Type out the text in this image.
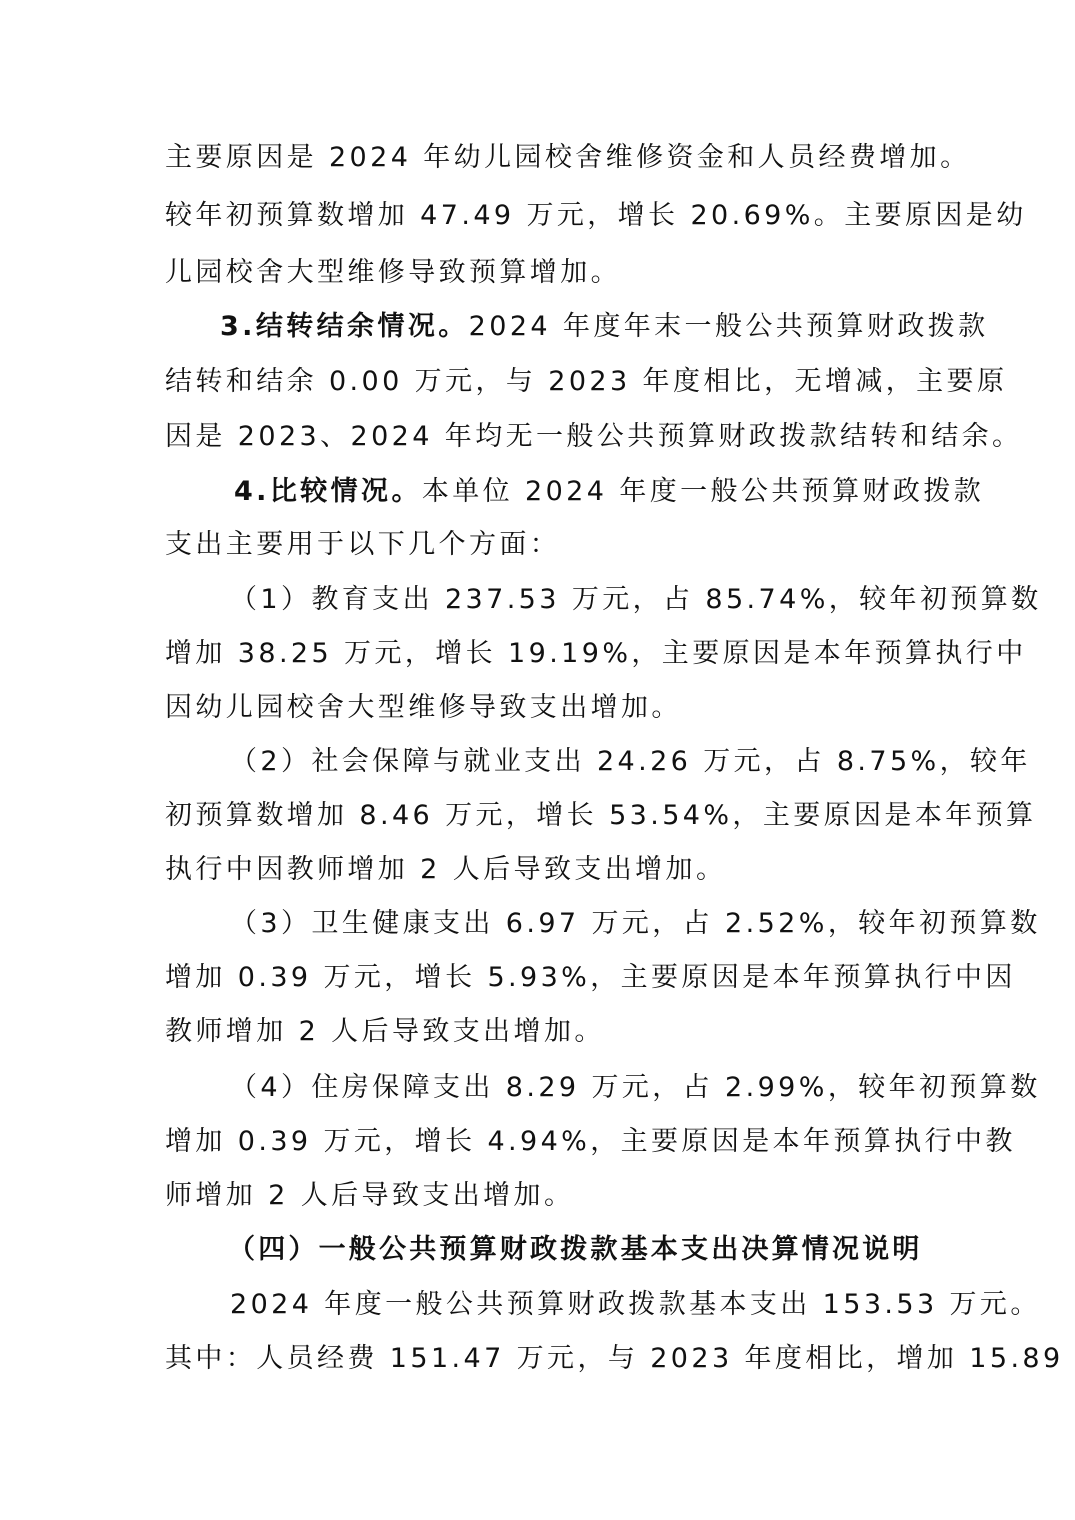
主要原因是 2024 年幼儿园校舍维修资金和人员经费增加。
较年初预算数增加 47.49 万元，增长 20.69%。主要原因是幼
儿园校舍大型维修导致预算增加。
3.结转结余情况。2024 年度年末一般公共预算财政拨款
结转和结余 0.00 万元，与 2023 年度相比，无增减，主要原
因是 2023、2024 年均无一般公共预算财政拨款结转和结余。
4.比较情况。本单位 2024 年度一般公共预算财政拨款
支出主要用于以下几个方面：
（1）教育支出 237.53 万元，占 85.74%，较年初预算数
增加 38.25 万元，增长 19.19%，主要原因是本年预算执行中
因幼儿园校舍大型维修导致支出增加。
（2）社会保障与就业支出 24.26 万元，占 8.75%，较年
初预算数增加 8.46 万元，增长 53.54%，主要原因是本年预算
执行中因教师增加 2 人后导致支出增加。
（3）卫生健康支出 6.97 万元，占 2.52%，较年初预算数
增加 0.39 万元，增长 5.93%，主要原因是本年预算执行中因
教师增加 2 人后导致支出增加。
（4）住房保障支出 8.29 万元，占 2.99%，较年初预算数
增加 0.39 万元，增长 4.94%，主要原因是本年预算执行中教
师增加 2 人后导致支出增加。
（四）一般公共预算财政拨款基本支出决算情况说明
2024 年度一般公共预算财政拨款基本支出 153.53 万元。
其中：人员经费 151.47 万元，与 2023 年度相比，增加 15.89
